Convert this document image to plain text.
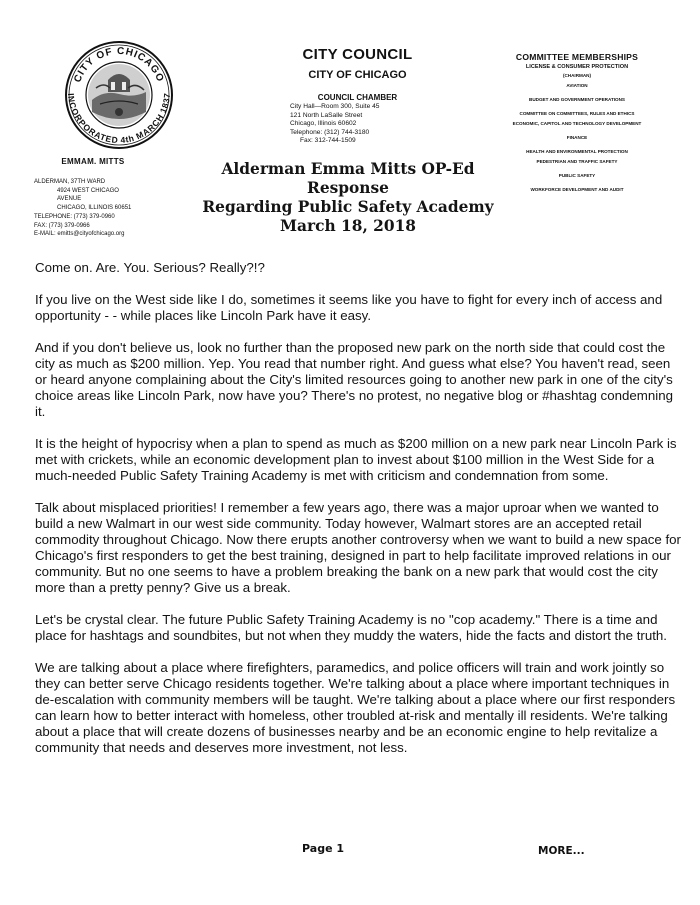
CITY OF CHICAGO
INCORPORATED 4th MARCH 1837
CITY COUNCIL
CITY OF CHICAGO
COUNCIL CHAMBER
City Hall—Room 300, Suite 45
121 North LaSalle Street
Chicago, Illinois 60602
Telephone: (312) 744-3180
Fax: 312-744-1509
COMMITTEE MEMBERSHIPS
LICENSE & CONSUMER PROTECTION
(CHAIRMAN)
AVIATION
BUDGET AND GOVERNMENT OPERATIONS
COMMITTEE ON COMMITTEES, RULES AND ETHICS
ECONOMIC, CAPITOL AND TECHNOLOGY DEVELOPMENT
FINANCE
HEALTH AND ENVIRONMENTAL PROTECTION
PEDESTRIAN AND TRAFFIC SAFETY
PUBLIC SAFETY
WORKFORCE DEVELOPMENT AND AUDIT
EMMAM. MITTS
ALDERMAN, 37TH WARD
4924 WEST CHICAGO
AVENUE
CHICAGO, ILLINOIS 60651
TELEPHONE: (773) 379-0960
FAX: (773) 379-0966
E-MAIL: emitts@cityofchicago.org
Alderman Emma Mitts OP-Ed Response
Regarding Public Safety Academy
March 18, 2018

Come on. Are. You. Serious? Really?!?

If you live on the West side like I do, sometimes it seems like you have to fight for every inch of access and opportunity - - while places like Lincoln Park have it easy.

And if you don't believe us, look no further than the proposed new park on the north side that could cost the city as much as $200 million. Yep. You read that number right. And guess what else? You haven't read, seen or heard anyone complaining about the City's limited resources going to another new park in one of the city's choice areas like Lincoln Park, now have you? There's no protest, no negative blog or #hashtag condemning it.

It is the height of hypocrisy when a plan to spend as much as $200 million on a new park near Lincoln Park is met with crickets, while an economic development plan to invest about $100 million in the West Side for a much-needed Public Safety Training Academy is met with criticism and condemnation from some.

Talk about misplaced priorities! I remember a few years ago, there was a major uproar when we wanted to build a new Walmart in our west side community. Today however, Walmart stores are an accepted retail commodity throughout Chicago. Now there erupts another controversy when we want to build a new space for Chicago's first responders to get the best training, designed in part to help facilitate improved relations in our community. But no one seems to have a problem breaking the bank on a new park that would cost the city more than a pretty penny? Give us a break.

Let's be crystal clear. The future Public Safety Training Academy is no "cop academy." There is a time and place for hashtags and soundbites, but not when they muddy the waters, hide the facts and distort the truth.

We are talking about a place where firefighters, paramedics, and police officers will train and work jointly so they can better serve Chicago residents together. We're talking about a place where important techniques in de-escalation with community members will be taught. We're talking about a place where our first responders can learn how to better interact with homeless, other troubled at-risk and mentally ill residents. We're talking about a place that will create dozens of businesses nearby and be an economic engine to help revitalize a community that needs and deserves more investment, not less.

Page 1	MORE...
